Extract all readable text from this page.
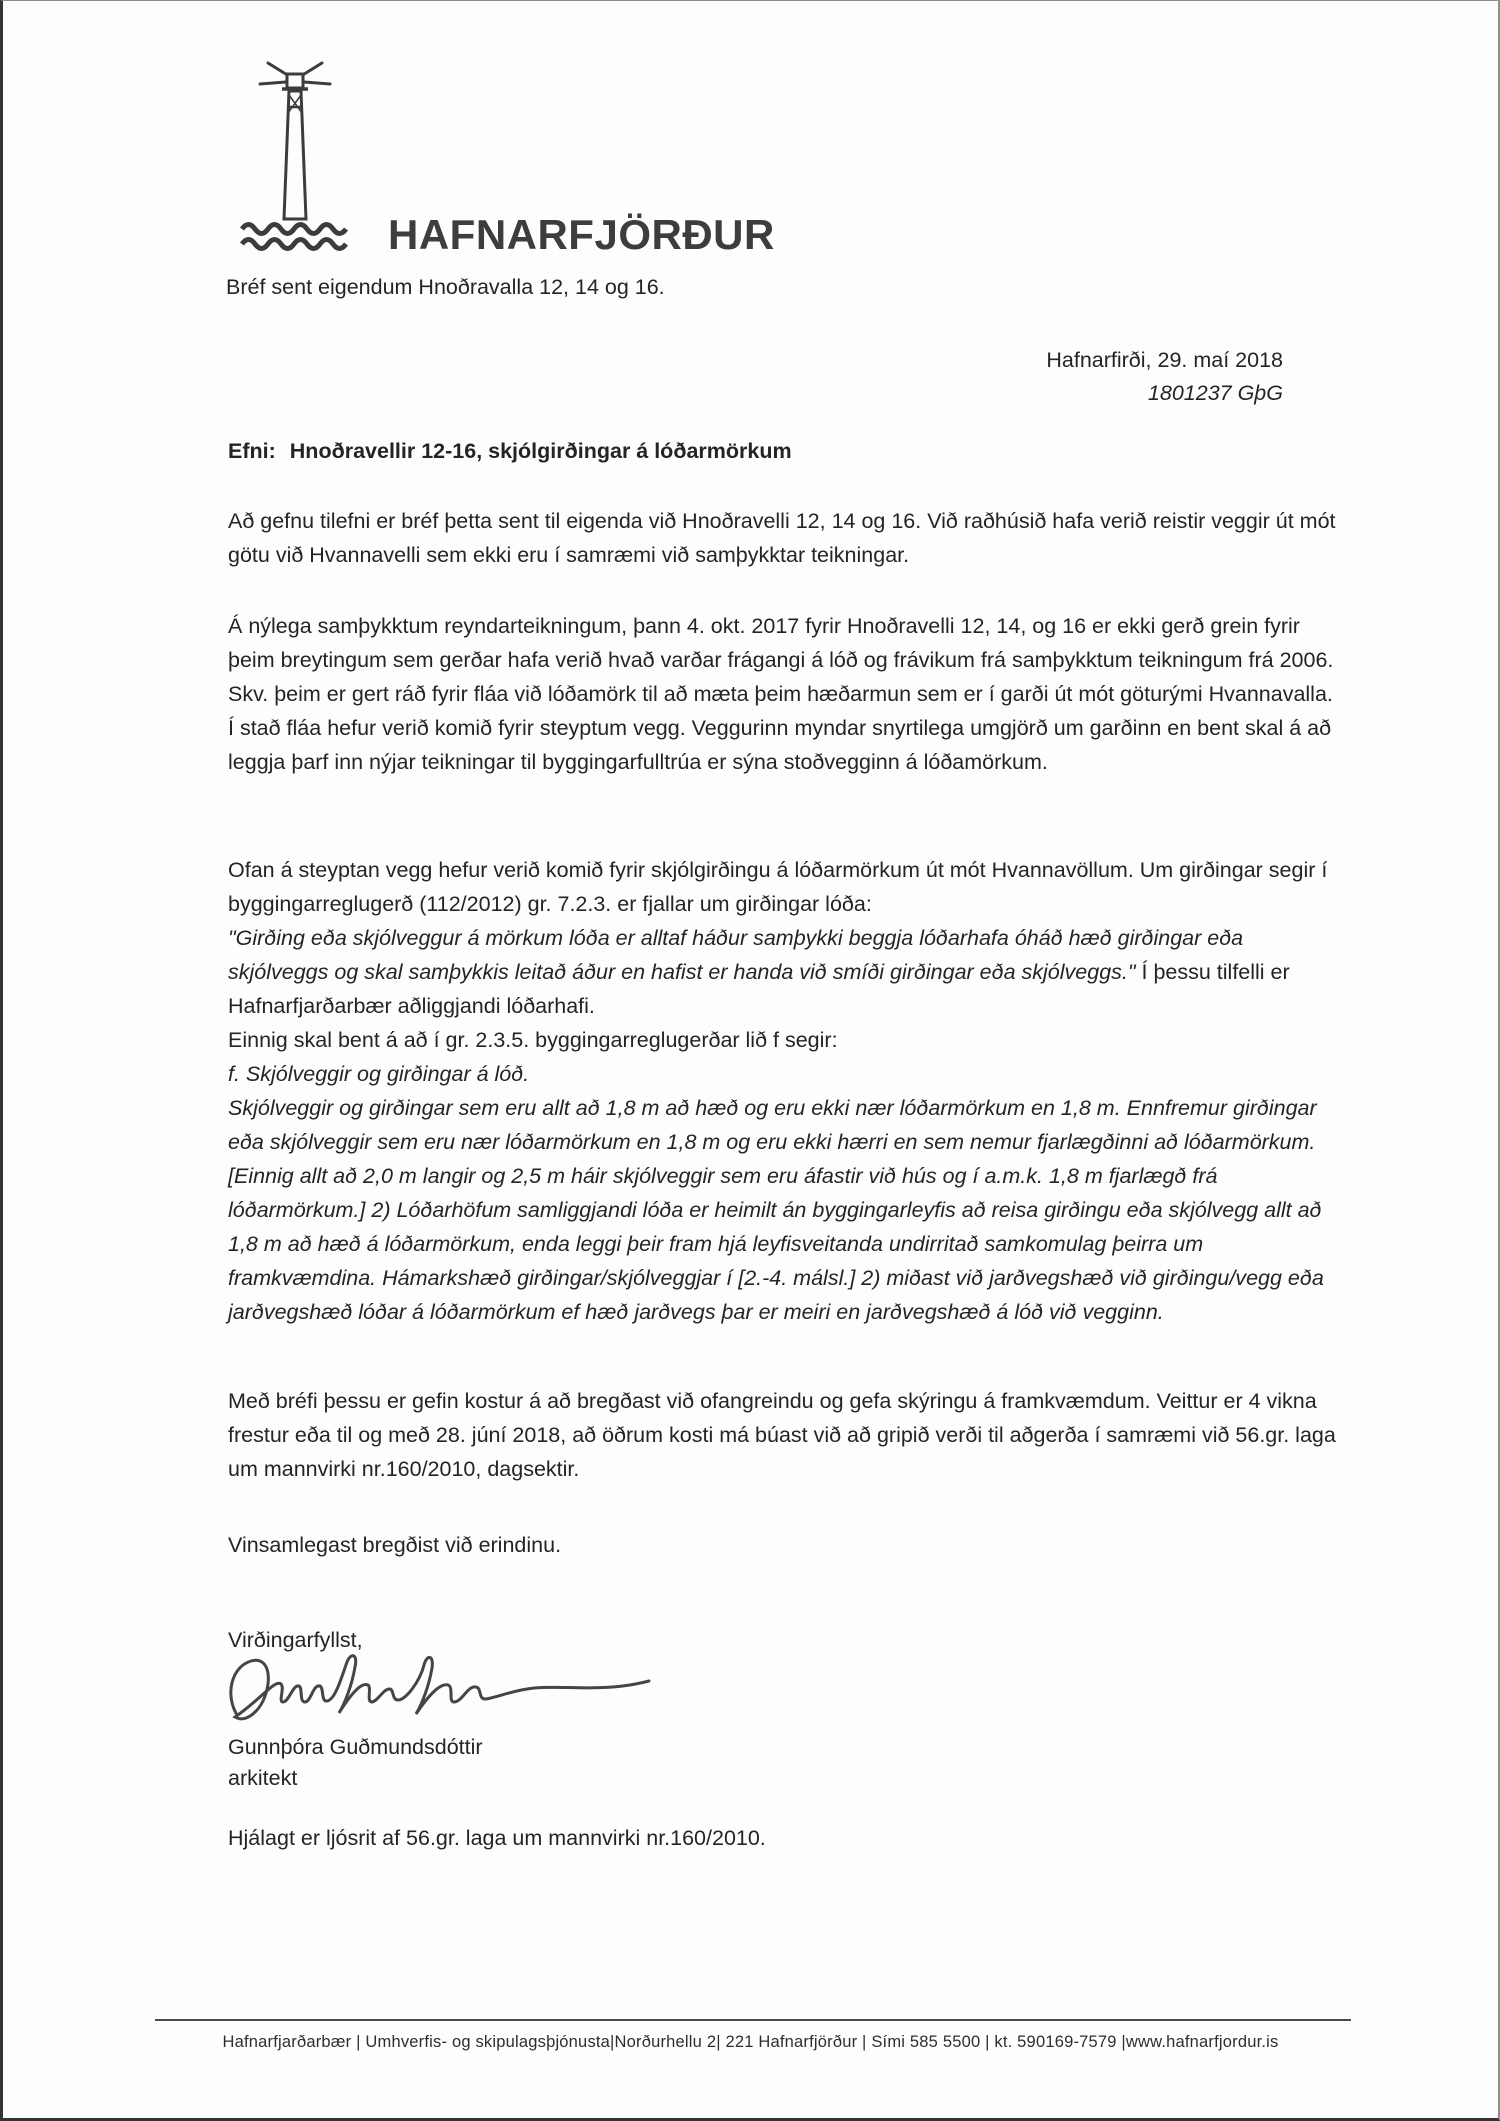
HAFNARFJÖRÐUR
Bréf sent eigendum Hnoðravalla 12, 14 og 16.
Hafnarfirði, 29. maí 2018
1801237 GþG
Efni: Hnoðravellir 12-16, skjólgirðingar á lóðarmörkum
Að gefnu tilefni er bréf þetta sent til eigenda við Hnoðravelli 12, 14 og 16. Við raðhúsið hafa verið reistir veggir út mót götu við Hvannavelli sem ekki eru í samræmi við samþykktar teikningar.
Á nýlega samþykktum reyndarteikningum, þann 4. okt. 2017 fyrir Hnoðravelli 12, 14, og 16 er ekki gerð grein fyrir þeim breytingum sem gerðar hafa verið hvað varðar frágangi á lóð og frávikum frá samþykktum teikningum frá 2006. Skv. þeim er gert ráð fyrir fláa við lóðamörk til að mæta þeim hæðarmun sem er í garði út mót göturými Hvannavalla. Í stað fláa hefur verið komið fyrir steyptum vegg. Veggurinn myndar snyrtilega umgjörð um garðinn en bent skal á að leggja þarf inn nýjar teikningar til byggingarfulltrúa er sýna stoðvegginn á lóðamörkum.

Ofan á steyptan vegg hefur verið komið fyrir skjólgirðingu á lóðarmörkum út mót Hvannavöllum. Um girðingar segir í byggingarreglugerð (112/2012) gr. 7.2.3. er fjallar um girðingar lóða:

"Girðing eða skjólveggur á mörkum lóða er alltaf háður samþykki beggja lóðarhafa óháð hæð girðingar eða skjólveggs og skal samþykkis leitað áður en hafist er handa við smíði girðingar eða skjólveggs." Í þessu tilfelli er Hafnarfjarðarbær aðliggjandi lóðarhafi.

Einnig skal bent á að í gr. 2.3.5. byggingarreglugerðar lið f segir:

f. Skjólveggir og girðingar á lóð.

Skjólveggir og girðingar sem eru allt að 1,8 m að hæð og eru ekki nær lóðarmörkum en 1,8 m. Ennfremur girðingar eða skjólveggir sem eru nær lóðarmörkum en 1,8 m og eru ekki hærri en sem nemur fjarlægðinni að lóðarmörkum. [Einnig allt að 2,0 m langir og 2,5 m háir skjólveggir sem eru áfastir við hús og í a.m.k. 1,8 m fjarlægð frá lóðarmörkum.] 2) Lóðarhöfum samliggjandi lóða er heimilt án byggingarleyfis að reisa girðingu eða skjólvegg allt að 1,8 m að hæð á lóðarmörkum, enda leggi þeir fram hjá leyfisveitanda undirritað samkomulag þeirra um framkvæmdina. Hámarkshæð girðingar/skjólveggjar í [2.-4. málsl.] 2) miðast við jarðvegshæð við girðingu/vegg eða jarðvegshæð lóðar á lóðarmörkum ef hæð jarðvegs þar er meiri en jarðvegshæð á lóð við vegginn.

Með bréfi þessu er gefin kostur á að bregðast við ofangreindu og gefa skýringu á framkvæmdum. Veittur er 4 vikna frestur eða til og með 28. júní 2018, að öðrum kosti má búast við að gripið verði til aðgerða í samræmi við 56.gr. laga um mannvirki nr.160/2010, dagsektir.
Vinsamlegast bregðist við erindinu.
Virðingarfyllst,
Gunnþóra Guðmundsdóttir
arkitekt
Hjálagt er ljósrit af 56.gr. laga um mannvirki nr.160/2010.
Hafnarfjarðarbær | Umhverfis- og skipulagsþjónusta|Norðurhellu 2| 221 Hafnarfjörður | Sími 585 5500 | kt. 590169-7579 |www.hafnarfjordur.is
